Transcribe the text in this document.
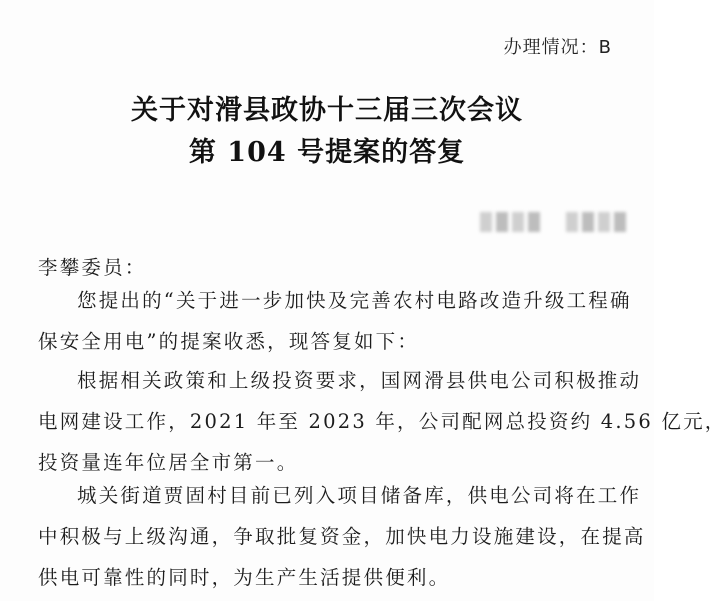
办理情况：B
关于对滑县政协十三届三次会议
第 104 号提案的答复
李攀委员：
您提出的“关于进一步加快及完善农村电路改造升级工程确
保安全用电”的提案收悉，现答复如下：
根据相关政策和上级投资要求，国网滑县供电公司积极推动
电网建设工作，2021 年至 2023 年，公司配网总投资约 4.56 亿元，
投资量连年位居全市第一。
城关街道贾固村目前已列入项目储备库，供电公司将在工作
中积极与上级沟通，争取批复资金，加快电力设施建设，在提高
供电可靠性的同时，为生产生活提供便利。
